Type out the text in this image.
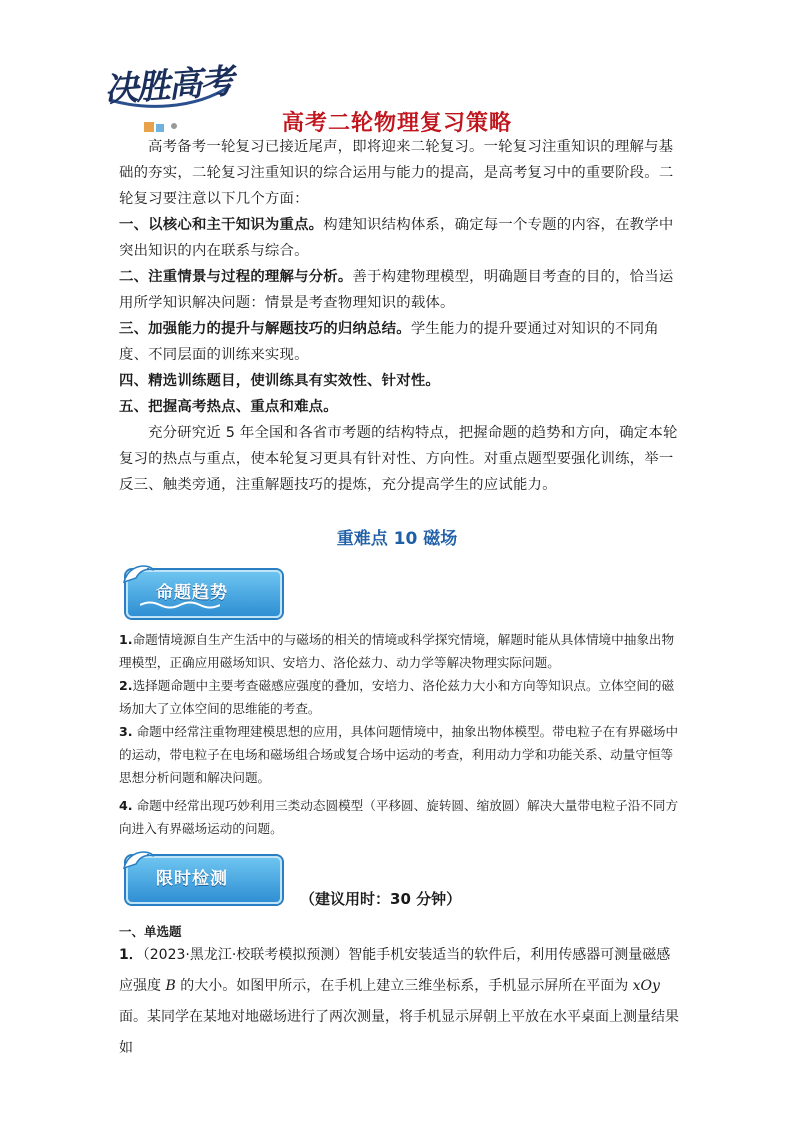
决胜高考
高考二轮物理复习策略
高考备考一轮复习已接近尾声，即将迎来二轮复习。一轮复习注重知识的理解与基础的夯实，二轮复习注重知识的综合运用与能力的提高，是高考复习中的重要阶段。二轮复习要注意以下几个方面：
一、以核心和主干知识为重点。构建知识结构体系，确定每一个专题的内容，在教学中突出知识的内在联系与综合。
二、注重情景与过程的理解与分析。善于构建物理模型，明确题目考查的目的，恰当运用所学知识解决问题：情景是考查物理知识的载体。
三、加强能力的提升与解题技巧的归纳总结。学生能力的提升要通过对知识的不同角度、不同层面的训练来实现。
四、精选训练题目，使训练具有实效性、针对性。
五、把握高考热点、重点和难点。
充分研究近 5 年全国和各省市考题的结构特点，把握命题的趋势和方向，确定本轮复习的热点与重点，使本轮复习更具有针对性、方向性。对重点题型要强化训练，举一反三、触类旁通，注重解题技巧的提炼，充分提高学生的应试能力。
重难点 10 磁场
命题趋势
1.命题情境源自生产生活中的与磁场的相关的情境或科学探究情境，解题时能从具体情境中抽象出物理模型，正确应用磁场知识、安培力、洛伦兹力、动力学等解决物理实际问题。
2.选择题命题中主要考查磁感应强度的叠加，安培力、洛伦兹力大小和方向等知识点。立体空间的磁场加大了立体空间的思维能的考查。
3. 命题中经常注重物理建模思想的应用，具体问题情境中，抽象出物体模型。带电粒子在有界磁场中的运动，带电粒子在电场和磁场组合场或复合场中运动的考查，利用动力学和功能关系、动量守恒等思想分析问题和解决问题。
4. 命题中经常出现巧妙利用三类动态圆模型（平移圆、旋转圆、缩放圆）解决大量带电粒子沿不同方向进入有界磁场运动的问题。
限时检测
（建议用时：30 分钟）
一、单选题
1．（2023·黑龙江·校联考模拟预测）智能手机安装适当的软件后，利用传感器可测量磁感应强度 B 的大小。如图甲所示，在手机上建立三维坐标系，手机显示屏所在平面为 xOy 面。某同学在某地对地磁场进行了两次测量，将手机显示屏朝上平放在水平桌面上测量结果如
